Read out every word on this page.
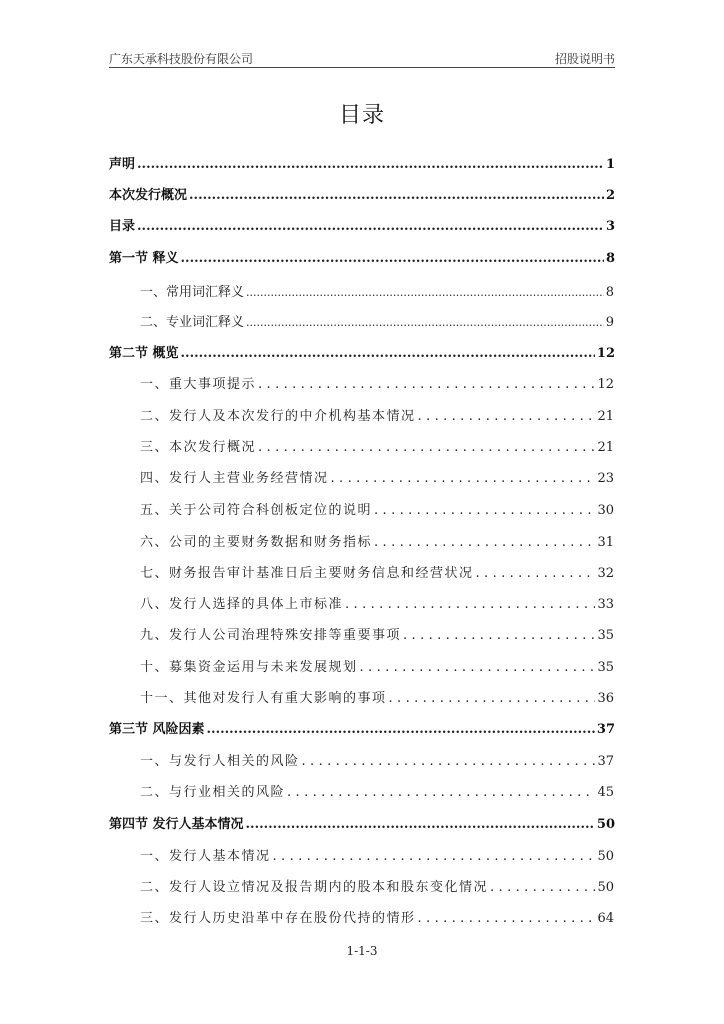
广东天承科技股份有限公司	招股说明书
目录
声明 .....	1
本次发行概况 .....	2
目录 .....	3
第一节 释义 .....	8
一、常用词汇释义 .....	8
二、专业词汇释义 .....	9
第二节 概览 .....	12
一、重大事项提示 .....	12
二、发行人及本次发行的中介机构基本情况 .....	21
三、本次发行概况 .....	21
四、发行人主营业务经营情况 .....	23
五、关于公司符合科创板定位的说明 .....	30
六、公司的主要财务数据和财务指标 .....	31
七、财务报告审计基准日后主要财务信息和经营状况 .....	32
八、发行人选择的具体上市标准 .....	33
九、发行人公司治理特殊安排等重要事项 .....	35
十、募集资金运用与未来发展规划 .....	35
十一、其他对发行人有重大影响的事项 .....	36
第三节 风险因素 .....	37
一、与发行人相关的风险 .....	37
二、与行业相关的风险 .....	45
第四节 发行人基本情况 .....	50
一、发行人基本情况 .....	50
二、发行人设立情况及报告期内的股本和股东变化情况 .....	50
三、发行人历史沿革中存在股份代持的情形 .....	64
1-1-3
